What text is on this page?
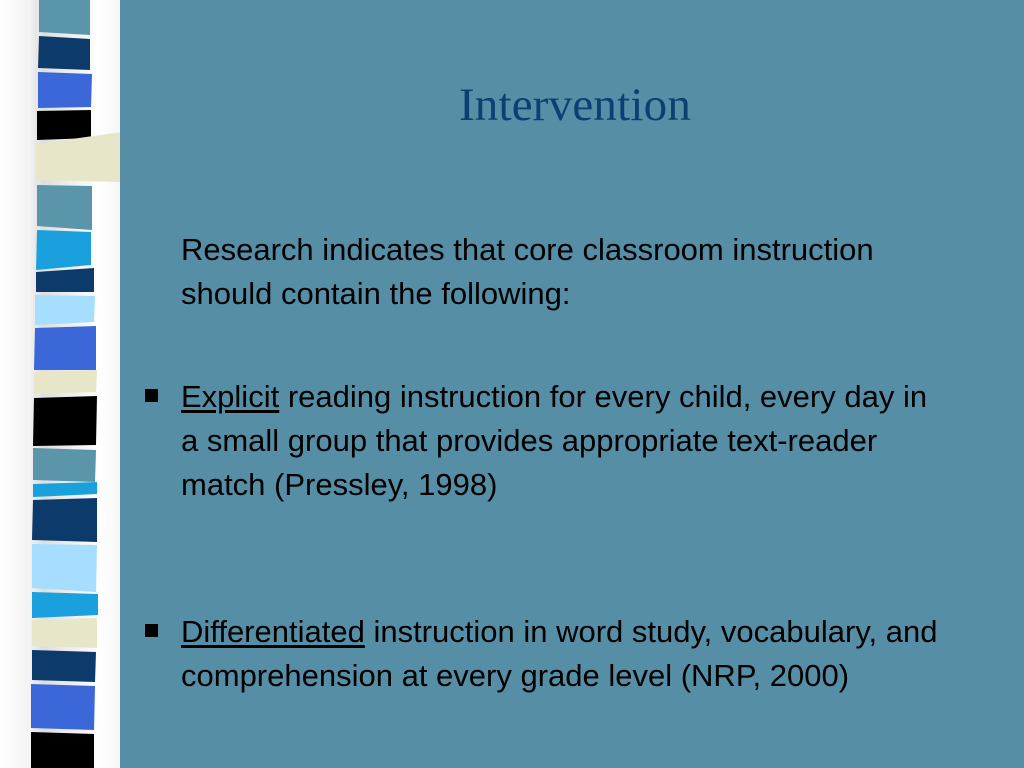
Intervention
Research indicates that core classroom instruction should contain the following:
Explicit reading instruction for every child, every day in a small group that provides appropriate text-reader match (Pressley, 1998)
Differentiated instruction in word study, vocabulary, and comprehension at every grade level (NRP, 2000)
